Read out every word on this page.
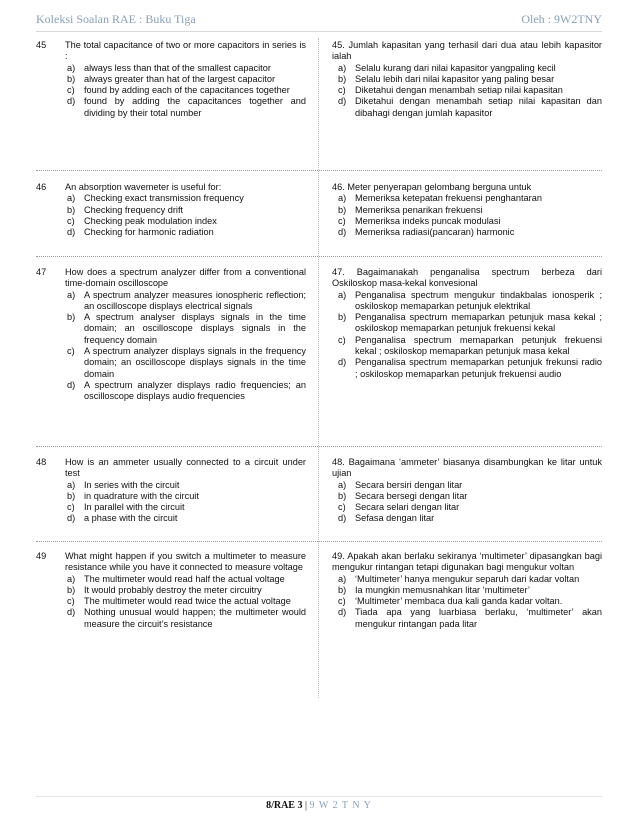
Koleksi Soalan RAE : Buku Tiga	Oleh : 9W2TNY
45 The total capacitance of two or more capacitors in series is :
a) always less than that of the smallest capacitor
b) always greater than hat of the largest capacitor
c)	found by adding each of the capacitances together
d) found by adding the capacitances together and dividing by their total number
45. Jumlah kapasitan yang terhasil dari dua atau lebih kapasitor ialah
a) Selalu kurang dari nilai kapasitor yangpaling kecil
b) Selalu lebih dari nilai kapasitor yang paling besar
c)	Diketahui dengan menambah setiap nilai kapasitan
d) Diketahui dengan menambah setiap nilai kapasitan dan dibahagi dengan jumlah kapasitor
46 An absorption wavemeter is useful for:
a) Checking exact transmission frequency
b) Checking frequency drift
c)	Checking peak modulation index
d) Checking for harmonic radiation
46. Meter penyerapan gelombang berguna untuk
a) Memeriksa ketepatan frekuensi penghantaran
b) Memeriksa penarikan frekuensi
c)	Memeriksa indeks puncak modulasi
d) Memeriksa radiasi(pancaran) harmonic
47 How does a spectrum analyzer differ from a conventional time-domain oscilloscope
a) A spectrum analyzer measures ionospheric reflection; an oscilloscope displays electrical signals
b) A spectrum analyser displays signals in the time domain; an oscilloscope displays signals in the frequency domain
c)	A spectrum analyzer displays signals in the frequency domain; an oscilloscope displays signals in the time domain
d) A spectrum analyzer displays radio frequencies; an oscilloscope displays audio frequencies
47. Bagaimanakah penganalisa spectrum berbeza dari Oskiloskop masa-kekal konvesional
a) Penganalisa spectrum mengukur tindakbalas ionosperik ; oskiloskop memaparkan petunjuk elektrikal
b) Penganalisa spectrum memaparkan petunjuk masa kekal ; oskiloskop memaparkan petunjuk frekuensi kekal
c)	Penganalisa spectrum memaparkan petunjuk frekuensi kekal ; oskiloskop memaparkan petunjuk masa kekal
d) Penganalisa spectrum memaparkan petunjuk frekunsi radio ; oskiloskop memaparkan petunjuk frekuensi audio
48 How is an ammeter usually connected to a circuit under test
a) In series with the circuit
b) in quadrature with the circuit
c)	In parallel with the circuit
d) a phase with the circuit
48. Bagaimana ‘ammeter’ biasanya disambungkan ke litar untuk ujian
a) Secara bersiri dengan litar
b) Secara bersegi dengan litar
c)	Secara selari dengan litar
d) Sefasa dengan litar
49 What might happen if you switch a multimeter to measure resistance while you have it connected to measure voltage
a) The multimeter would read half the actual voltage
b) It would probably destroy the meter circuitry
c)	The multimeter would read twice the actual voltage
d) Nothing unusual would happen; the multimeter would measure the circuit’s resistance
49. Apakah akan berlaku sekiranya ‘multimeter’ dipasangkan bagi mengukur rintangan tetapi digunakan bagi mengukur voltan
a) ‘Multimeter’ hanya mengukur separuh dari kadar voltan
b) Ia mungkin memusnahkan litar ‘multimeter’
c)	‘Multimeter’ membaca dua kali ganda kadar voltan.
d) Tiada apa yang luarbiasa berlaku, ‘multimeter’ akan mengukur rintangan pada litar
8/RAE 3 | 9 W 2 T N Y
